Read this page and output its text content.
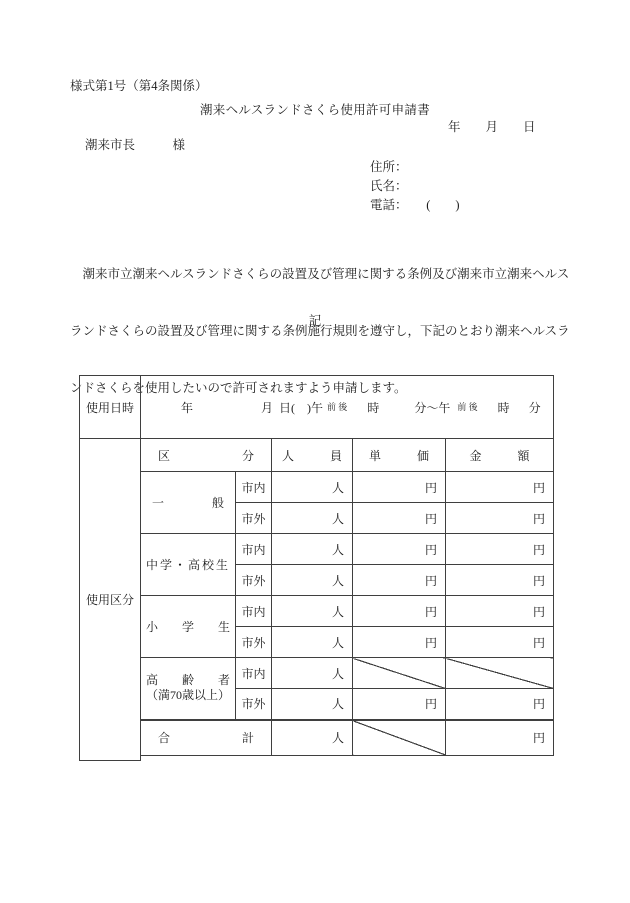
様式第1号（第4条関係）
潮来ヘルスランドさくら使用許可申請書
年　　月　　日
潮来市長　　　様
住所：
氏名：
電話：　　(　　)

　潮来市立潮来ヘルスランドさくらの設置及び管理に関する条例及び潮来市立潮来ヘルス

ランドさくらの設置及び管理に関する条例施行規則を遵守し，下記のとおり潮来ヘルスラ

ンドさくらを使用したいので許可されますよう申請します。

記
使用日時	年	月 日(　)午 前 後 時	分～午 前 後 時 分

使用区分	区　　　　　　分		人　　　員	単　　　価	金　　　額
	一　　　　般	市内	人	円	円
		市外	人	円	円
	中学・高校生	市内	人	円	円
		市外	人	円	円
	小　　学　　生	市内	人	円	円
		市外	人	円	円

	高　　齢　　者
（満70歳以上）	市内	人		
		市外	人	円	円
	合　　　　　　計		人		円
